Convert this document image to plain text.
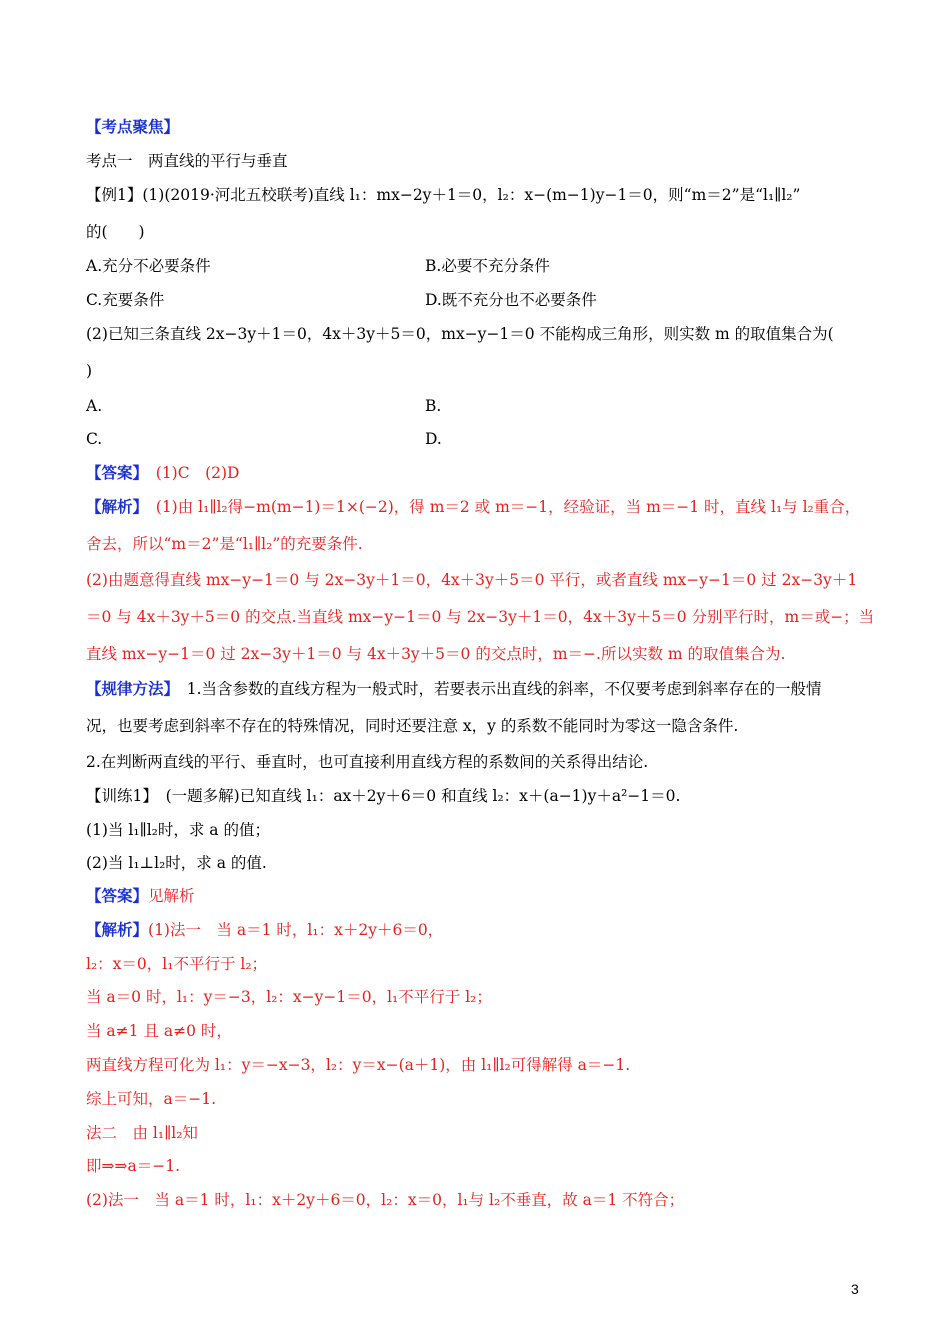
【考点聚焦】
考点一　两直线的平行与垂直
【例1】(1)(2019·河北五校联考)直线 l₁：mx−2y＋1＝0，l₂：x−(m−1)y−1＝0，则“m＝2”是“l₁∥l₂”
的(　　)
A.充分不必要条件	B.必要不充分条件
C.充要条件	D.既不充分也不必要条件
(2)已知三条直线 2x−3y＋1＝0，4x＋3y＋5＝0，mx−y−1＝0 不能构成三角形，则实数 m 的取值集合为(
)
A.	B.
C.	D.
【答案】　(1)C　(2)D
【解析】　(1)由 l₁∥l₂得−m(m−1)＝1×(−2)，得 m＝2 或 m＝−1，经验证，当 m＝−1 时，直线 l₁与 l₂重合，
舍去，所以“m＝2”是“l₁∥l₂”的充要条件.
(2)由题意得直线 mx−y−1＝0 与 2x−3y＋1＝0，4x＋3y＋5＝0 平行，或者直线 mx−y−1＝0 过 2x−3y＋1
＝0 与 4x＋3y＋5＝0 的交点.当直线 mx−y−1＝0 与 2x−3y＋1＝0，4x＋3y＋5＝0 分别平行时，m＝或−；当
直线 mx−y−1＝0 过 2x−3y＋1＝0 与 4x＋3y＋5＝0 的交点时，m＝−.所以实数 m 的取值集合为.
【规律方法】　1.当含参数的直线方程为一般式时，若要表示出直线的斜率，不仅要考虑到斜率存在的一般情
况，也要考虑到斜率不存在的特殊情况，同时还要注意 x，y 的系数不能同时为零这一隐含条件.
2.在判断两直线的平行、垂直时，也可直接利用直线方程的系数间的关系得出结论.
【训练1】　(一题多解)已知直线 l₁：ax＋2y＋6＝0 和直线 l₂：x＋(a−1)y＋a²−1＝0.
(1)当 l₁∥l₂时，求 a 的值；
(2)当 l₁⊥l₂时，求 a 的值.
【答案】见解析
【解析】(1)法一　当 a＝1 时，l₁：x＋2y＋6＝0，
l₂：x＝0，l₁不平行于 l₂；
当 a＝0 时，l₁：y＝−3，l₂：x−y−1＝0，l₁不平行于 l₂；
当 a≠1 且 a≠0 时，
两直线方程可化为 l₁：y＝−x−3，l₂：y＝x−(a＋1)，由 l₁∥l₂可得解得 a＝−1.
综上可知，a＝−1.
法二　由 l₁∥l₂知
即⇒⇒a＝−1.
(2)法一　当 a＝1 时，l₁：x＋2y＋6＝0，l₂：x＝0，l₁与 l₂不垂直，故 a＝1 不符合；
3
